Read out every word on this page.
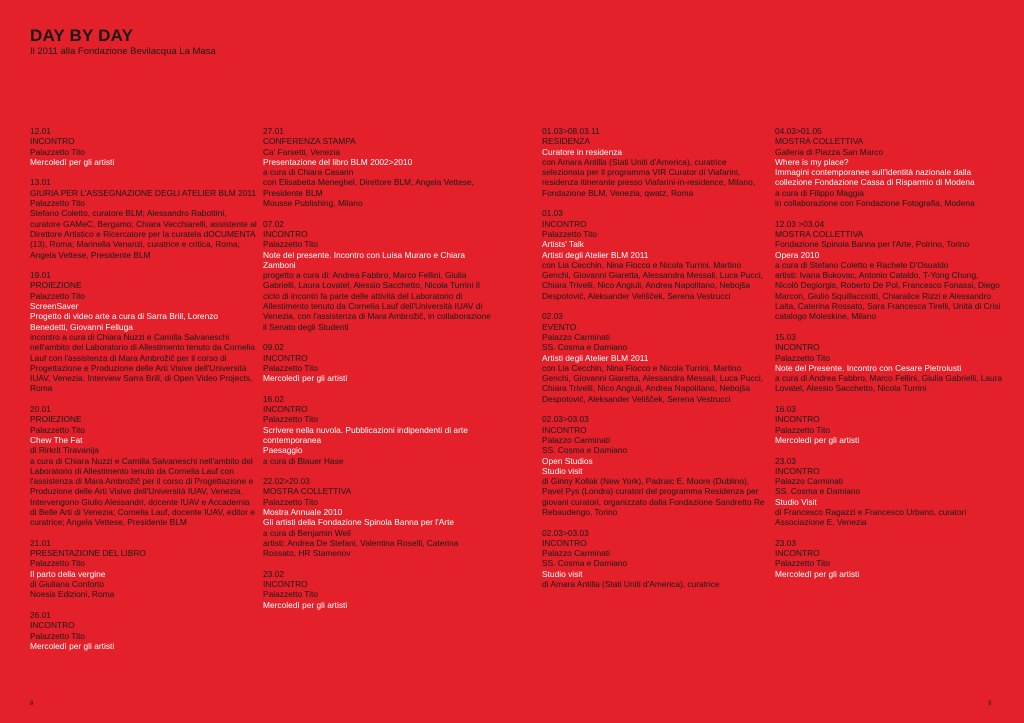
DAY BY DAY
Il 2011 alla Fondazione Bevilacqua La Masa
12.01
INCONTRO
Palazzetto Tito
Mercoledì per gli artisti
13.01
GIURIA PER L'ASSEGNAZIONE DEGLI ATELIER BLM 2011
Palazzetto Tito
Stefano Coletto, curatore BLM; Alessandro Rabottini, curatore GAMeC, Bergamo; Chiara Vecchiarelli, assistente al Direttore Artistico e Ricercatore per la curatela dOCUMENTA (13), Roma; Marinella Venanzi, curatrice e critica, Roma; Angela Vettese, Presidente BLM
19.01
PROIEZIONE
Palazzetto Tito
ScreenSaver
Progetto di video arte a cura di Sarra Brill, Lorenzo Benedetti, Giovanni Felluga
incontro a cura di Chiara Nuzzi e Camilla Salvaneschi nell'ambito del Laboratorio di Allestimento tenuto da Cornelia Lauf con l'assistenza di Mara Ambrožič per il corso di Progettazione e Produzione delle Arti Visive dell'Università IUAV, Venezia. Interview Sarra Brill, di Open Video Projects, Roma
20.01
PROIEZIONE
Palazzetto Tito
Chew The Fat
di Rirkrit Tiravanija
a cura di Chiara Nuzzi e Camilla Salvaneschi nell'ambito del Laboratorio di Allestimento tenuto da Cornelia Lauf con l'assistenza di Mara Ambrožič per il corso di Progettazione e Produzione delle Arti Visive dell'Università IUAV, Venezia. Intervengono Giulio Alessandri, docente IUAV e Accademia di Belle Arti di Venezia; Cornelia Lauf, docente IUAV, editor e curatrice; Angela Vettese, Presidente BLM
21.01
PRESENTAZIONE DEL LIBRO
Palazzetto Tito
Il parto della vergine
di Giuliana Conforto
Noesis Edizioni, Roma
26.01
INCONTRO
Palazzetto Tito
Mercoledì per gli artisti
27.01
CONFERENZA STAMPA
Ca' Farsetti, Venezia
Presentazione del libro BLM 2002>2010
a cura di Chiara Casarin
con Elisabetta Meneghel, Direttore BLM, Angela Vettese, Presidente BLM
Mousse Publishing, Milano
07.02
INCONTRO
Palazzetto Tito
Note del presente. Incontro con Luisa Muraro e Chiara Zamboni
progetto a cura di: Andrea Fabbro, Marco Fellini, Giulia Gabrielli, Laura Lovatel, Alessio Sacchetto, Nicola Turrini Il ciclo di incontri fa parte delle attività del Laboratorio di Allestimento tenuto da Cornelia Lauf dell'Università IUAV di Venezia, con l'assistenza di Mara Ambrožič, in collaborazione il Senato degli Studenti
09.02
INCONTRO
Palazzetto Tito
Mercoledì per gli artisti
16.02
INCONTRO
Palazzetto Tito
Scrivere nella nuvola. Pubblicazioni indipendenti di arte contemporanea
Paesaggio
a cura di Blauer Hase
22.02>20.03
MOSTRA COLLETTIVA
Palazzetto Tito
Mostra Annuale 2010
Gli artisti della Fondazione Spinola Banna per l'Arte
a cura di Benjamin Weil
artisti: Andrea De Stefani, Valentina Roselli, Caterina Rossato, HR Stamenov
23.02
INCONTRO
Palazzetto Tito
Mercoledì per gli artisti
01.03>08.03.11
RESIDENZA
Curatore in residenza
con Amara Antilla (Stati Uniti d'America), curatrice selezionata per il programma VIR Curator di Viafarini, residenza itinerante presso Viafarini-in-residence, Milano, Fondazione BLM, Venezia, qwatz, Roma
01.03
INCONTRO
Palazzetto Tito
Artists' Talk
Artisti degli Atelier BLM 2011
con Lia Cecchin, Nina Fiocco e Nicola Turrini, Martino Genchi, Giovanni Giaretta, Alessandra Messali, Luca Pucci, Chiara Trivelli, Nico Angiuli, Andrea Napolitano, Nebojša Despotović, Aleksander Velišček, Serena Vestrucci
02.03
EVENTO
Palazzo Carminati
SS. Cosma e Damiano
Artisti degli Atelier BLM 2011
con Lia Cecchin, Nina Fiocco e Nicola Turrini, Martino Genchi, Giovanni Giaretta, Alessandra Messali, Luca Pucci, Chiara Trivelli, Nico Angiuli, Andrea Napolitano, Nebojša Despotović, Aleksander Velišček, Serena Vestrucci
02.03>03.03
INCONTRO
Palazzo Carminati
SS. Cosma e Damiano
Open Studios
Studio visit
di Ginny Kollak (New York), Padraic E. Moore (Dublino), Pavel Pys (Londra) curatori del programma Residenza per giovani curatori, organizzato dalla Fondazione Sandretto Re Rebaudengo, Torino
02.03>03.03
INCONTRO
Palazzo Carminati
SS. Cosma e Damiano
Studio visit
di Amara Antilla (Stati Uniti d'America), curatrice
04.03>01.05
MOSTRA COLLETTIVA
Galleria di Piazza San Marco
Where is my place?
Immagini contemporanee sull'identità nazionale dalla collezione Fondazione Cassa di Risparmio di Modena
a cura di Filippo Maggia
in collaborazione con Fondazione Fotografia, Modena
12.03 >03.04
MOSTRA COLLETTIVA
Fondazione Spinola Banna per l'Arte, Poirino, Torino
Opera 2010
a cura di Stefano Coletto e Rachele D'Osualdo
artisti: Ivana Bukovac, Antonio Cataldo, T-Yong Chung, Nicolò Degiorgis, Roberto De Pol, Francesco Fonassi, Diego Marcon, Giulio Squillacciotti, Chiaralice Rizzi e Alessandro Laita, Caterina Rossato, Sara Francesca Tirelli, Unità di Crisi
catalogo Moleskine, Milano
15.03
INCONTRO
Palazzetto Tito
Note del Presente. Incontro con Cesare Pietroiusti
a cura di Andrea Fabbro, Marco Fellini, Giulia Gabrielli, Laura Lovatel, Alessio Sacchetto, Nicola Turrini
16.03
INCONTRO
Palazzetto Tito
Mercoledì per gli artisti
23.03
INCONTRO
Palazzo Carminati
SS. Cosma e Damiano
Studio Visit
di Francesco Ragazzi e Francesco Urbano, curatori Associazione E, Venezia
23.03
INCONTRO
Palazzetto Tito
Mercoledì per gli artisti
8	9
